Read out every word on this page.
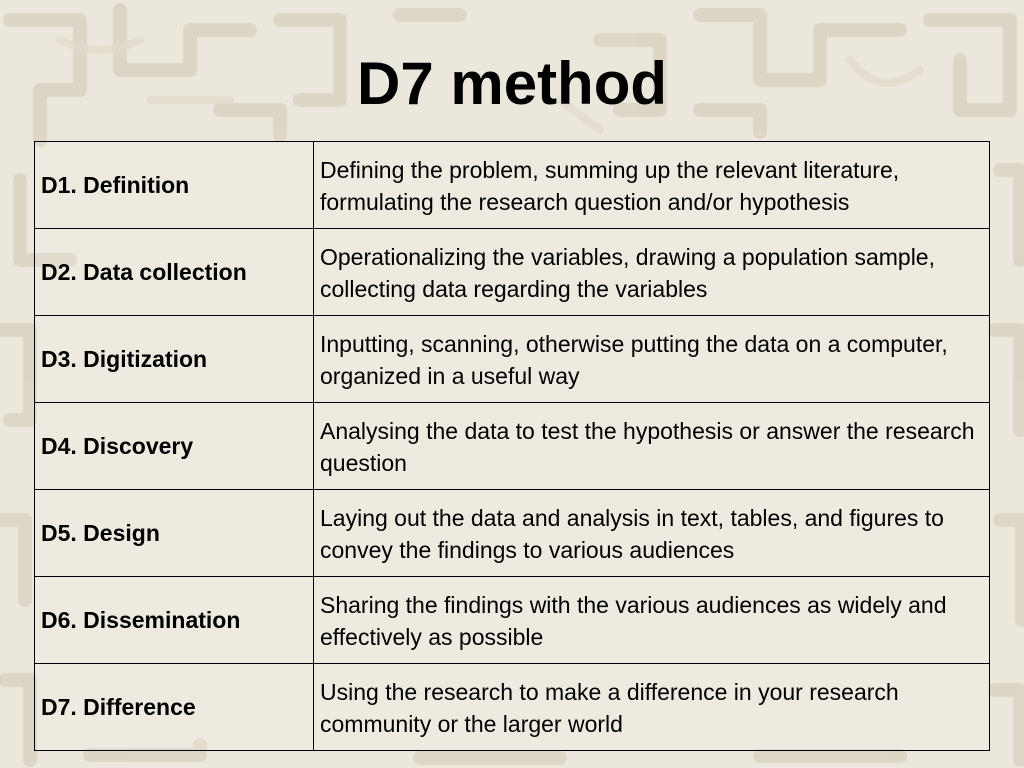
D7 method
D1. Definition	Defining the problem, summing up the relevant literature, formulating the research question and/or hypothesis
D2. Data collection	Operationalizing the variables, drawing a population sample, collecting data regarding the variables
D3. Digitization	Inputting, scanning, otherwise putting the data on a computer, organized in a useful way
D4. Discovery	Analysing the data to test the hypothesis or answer the research question
D5. Design	Laying out the data and analysis in text, tables, and figures to convey the findings to various audiences
D6. Dissemination	Sharing the findings with the various audiences as widely and effectively as possible
D7. Difference	Using the research to make a difference in your research community or the larger world
